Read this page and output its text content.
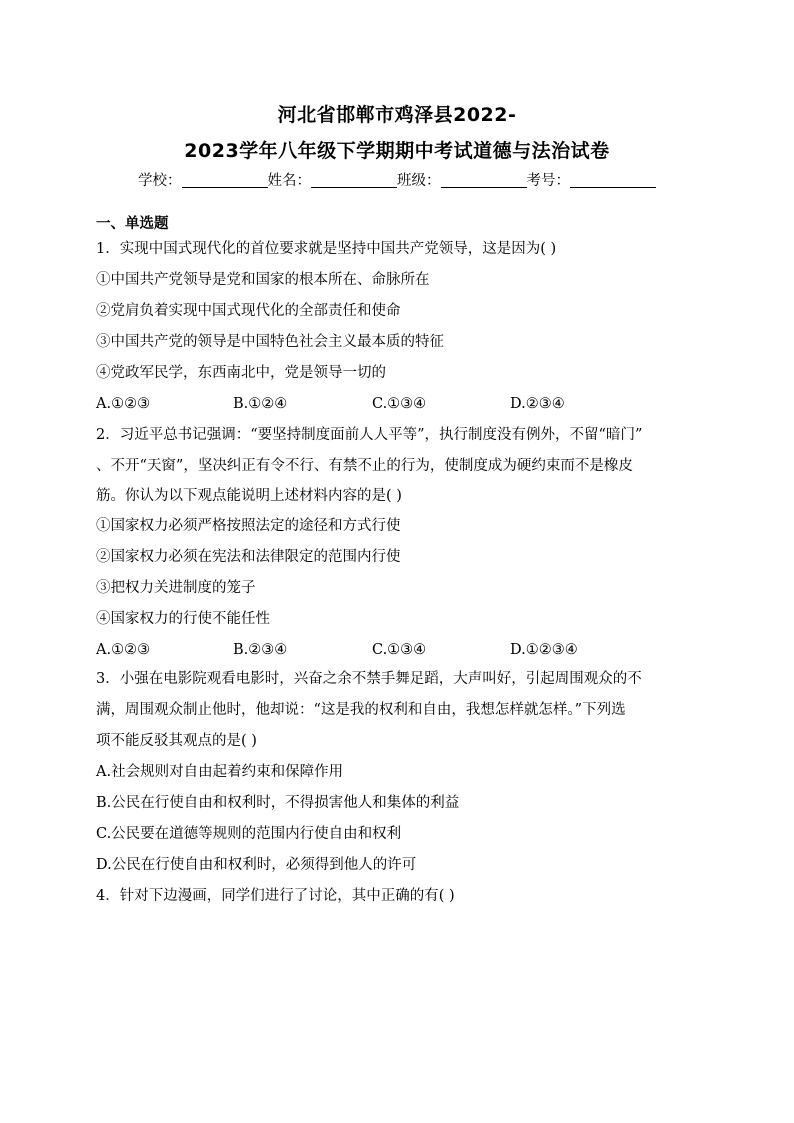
河北省邯郸市鸡泽县2022-
2023学年八年级下学期期中考试道德与法治试卷
学校：	姓名：	班级：	考号：
一、单选题
1．实现中国式现代化的首位要求就是坚持中国共产党领导，这是因为( )
①中国共产党领导是党和国家的根本所在、命脉所在
②党肩负着实现中国式现代化的全部责任和使命
③中国共产党的领导是中国特色社会主义最本质的特征
④党政军民学，东西南北中，党是领导一切的
A.①②③	B.①②④	C.①③④	D.②③④
2．习近平总书记强调：“要坚持制度面前人人平等”，执行制度没有例外，不留“暗门”
、不开“天窗”，坚决纠正有令不行、有禁不止的行为，使制度成为硬约束而不是橡皮
筋。你认为以下观点能说明上述材料内容的是( )
①国家权力必须严格按照法定的途径和方式行使
②国家权力必须在宪法和法律限定的范围内行使
③把权力关进制度的笼子
④国家权力的行使不能任性
A.①②③	B.②③④	C.①③④	D.①②③④
3．小强在电影院观看电影时，兴奋之余不禁手舞足蹈，大声叫好，引起周围观众的不
满，周围观众制止他时，他却说：“这是我的权利和自由，我想怎样就怎样。”下列选
项不能反驳其观点的是( )
A.社会规则对自由起着约束和保障作用
B.公民在行使自由和权利时，不得损害他人和集体的利益
C.公民要在道德等规则的范围内行使自由和权利
D.公民在行使自由和权利时，必须得到他人的许可
4．针对下边漫画，同学们进行了讨论，其中正确的有( )
